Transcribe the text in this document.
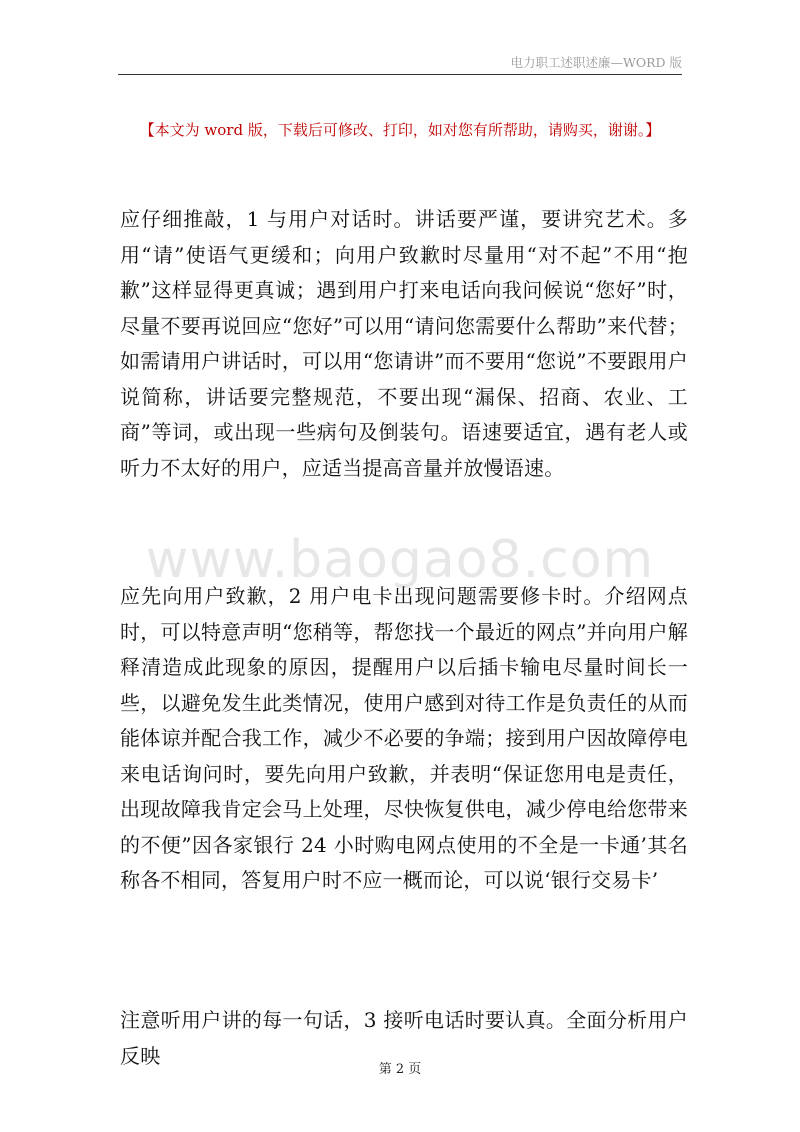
电力职工述职述廉—WORD 版
【本文为 word 版，下载后可修改、打印，如对您有所帮助，请购买，谢谢。】

应仔细推敲，1 与用户对话时。讲话要严谨，要讲究艺术。多用“请”使语气更缓和；向用户致歉时尽量用“对不起”不用“抱歉”这样显得更真诚；遇到用户打来电话向我问候说“您好”时，尽量不要再说回应“您好”可以用“请问您需要什么帮助”来代替；如需请用户讲话时，可以用“您请讲”而不要用“您说”不要跟用户说简称，讲话要完整规范，不要出现“漏保、招商、农业、工商”等词，或出现一些病句及倒装句。语速要适宜，遇有老人或听力不太好的用户，应适当提高音量并放慢语速。

www.baogao8.com

应先向用户致歉，2 用户电卡出现问题需要修卡时。介绍网点时，可以特意声明“您稍等，帮您找一个最近的网点”并向用户解释清造成此现象的原因，提醒用户以后插卡输电尽量时间长一些，以避免发生此类情况，使用户感到对待工作是负责任的从而能体谅并配合我工作，减少不必要的争端；接到用户因故障停电来电话询问时，要先向用户致歉，并表明“保证您用电是责任，出现故障我肯定会马上处理，尽快恢复供电，减少停电给您带来的不便”因各家银行 24 小时购电网点使用的不全是一卡通’其名称各不相同，答复用户时不应一概而论，可以说‘银行交易卡’

注意听用户讲的每一句话，3 接听电话时要认真。全面分析用户反映

第 2 页
